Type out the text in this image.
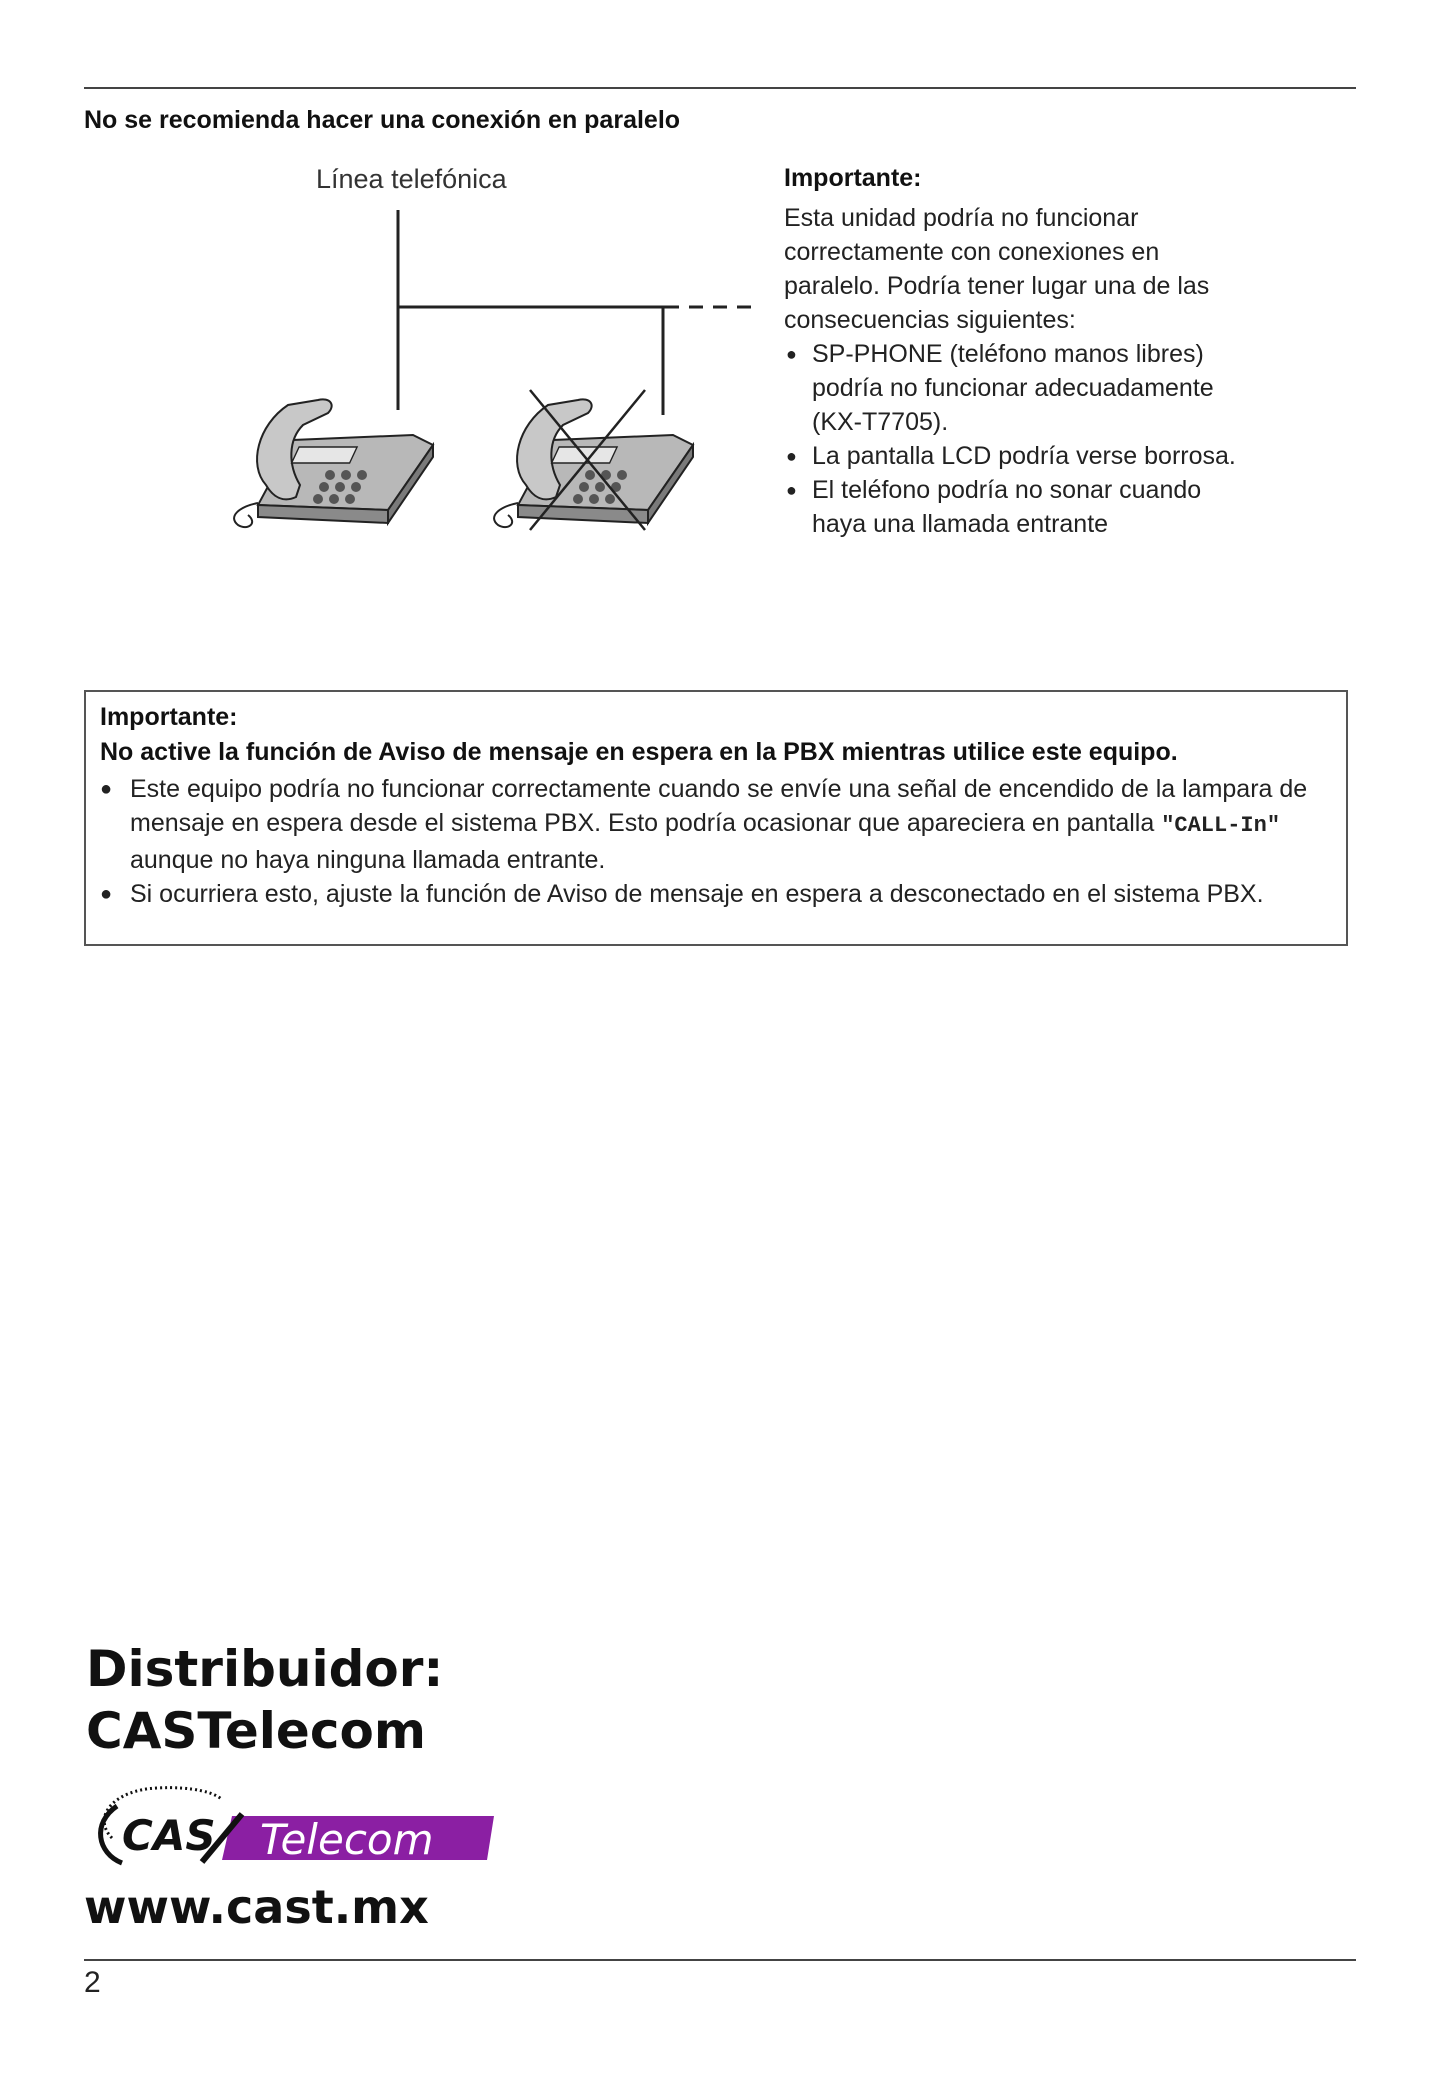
No se recomienda hacer una conexión en paralelo
Línea telefónica	Importante:
Esta unidad podría no funcionar correctamente con conexiones en paralelo. Podría tener lugar una de las consecuencias siguientes:
● SP-PHONE (teléfono manos libres) podría no funcionar adecuadamente (KX-T7705).
● La pantalla LCD podría verse borrosa.
● El teléfono podría no sonar cuando haya una llamada entrante
Importante:
No active la función de Aviso de mensaje en espera en la PBX mientras utilice este equipo.
● Este equipo podría no funcionar correctamente cuando se envíe una señal de encendido de la lampara de mensaje en espera desde el sistema PBX. Esto podría ocasionar que apareciera en pantalla "CALL-In" aunque no haya ninguna llamada entrante.
● Si ocurriera esto, ajuste la función de Aviso de mensaje en espera a desconectado en el sistema PBX.
Distribuidor:
CASTelecom
CAS Telecom
www.cast.mx
2
